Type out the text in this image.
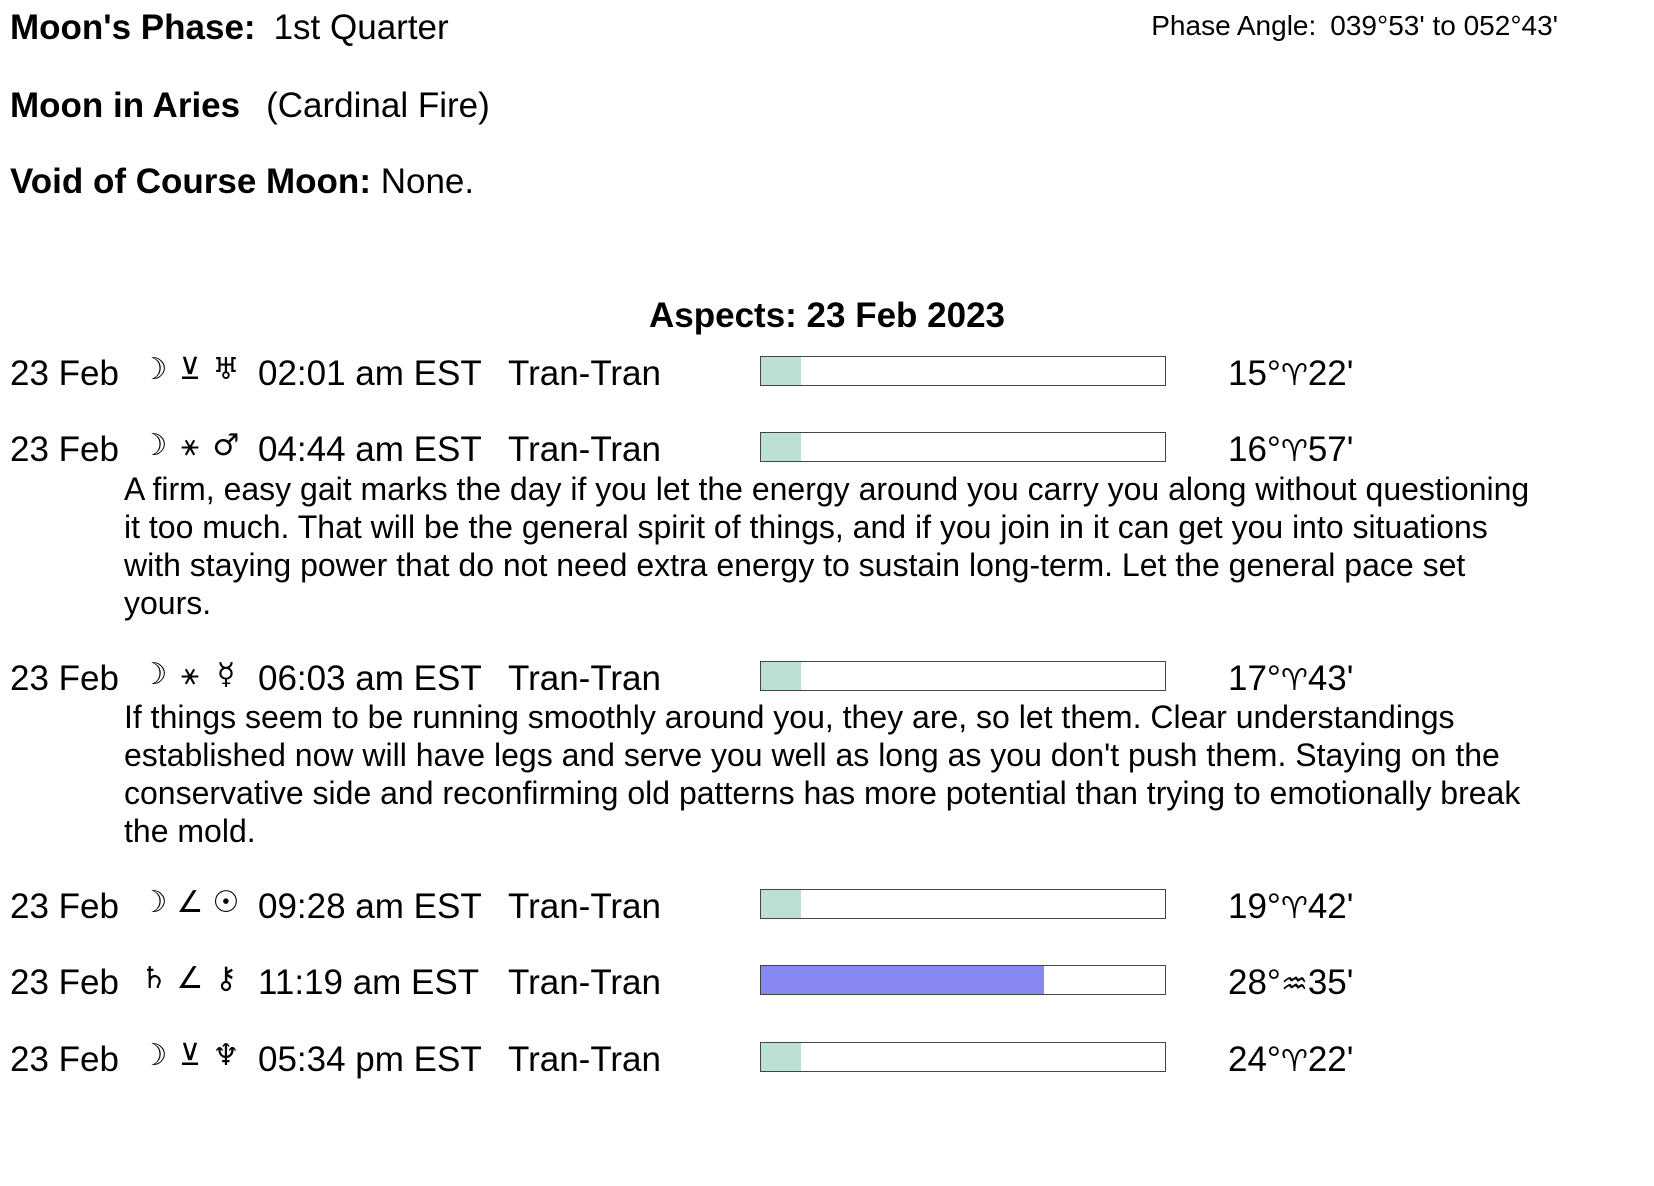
Moon's Phase: 1st Quarter	Phase Angle: 039°53' to 052°43'
Moon in Aries (Cardinal Fire)
Void of Course Moon: None.
Aspects: 23 Feb 2023
23 Feb ☽ ⊻ ♅ 02:01 am EST Tran-Tran	15°♈22'
23 Feb ☽ ⚹ ♂ 04:44 am EST Tran-Tran	16°♈57'
A firm, easy gait marks the day if you let the energy around you carry you along without questioning it too much. That will be the general spirit of things, and if you join in it can get you into situations with staying power that do not need extra energy to sustain long-term. Let the general pace set yours.
23 Feb ☽ ⚹ ☿ 06:03 am EST Tran-Tran	17°♈43'
If things seem to be running smoothly around you, they are, so let them. Clear understandings established now will have legs and serve you well as long as you don't push them. Staying on the conservative side and reconfirming old patterns has more potential than trying to emotionally break the mold.
23 Feb ☽ ∠ ☉ 09:28 am EST Tran-Tran	19°♈42'
23 Feb ♄ ∠ ⚷ 11:19 am EST Tran-Tran	28°♒35'
23 Feb ☽ ⊻ ♆ 05:34 pm EST Tran-Tran	24°♈22'
